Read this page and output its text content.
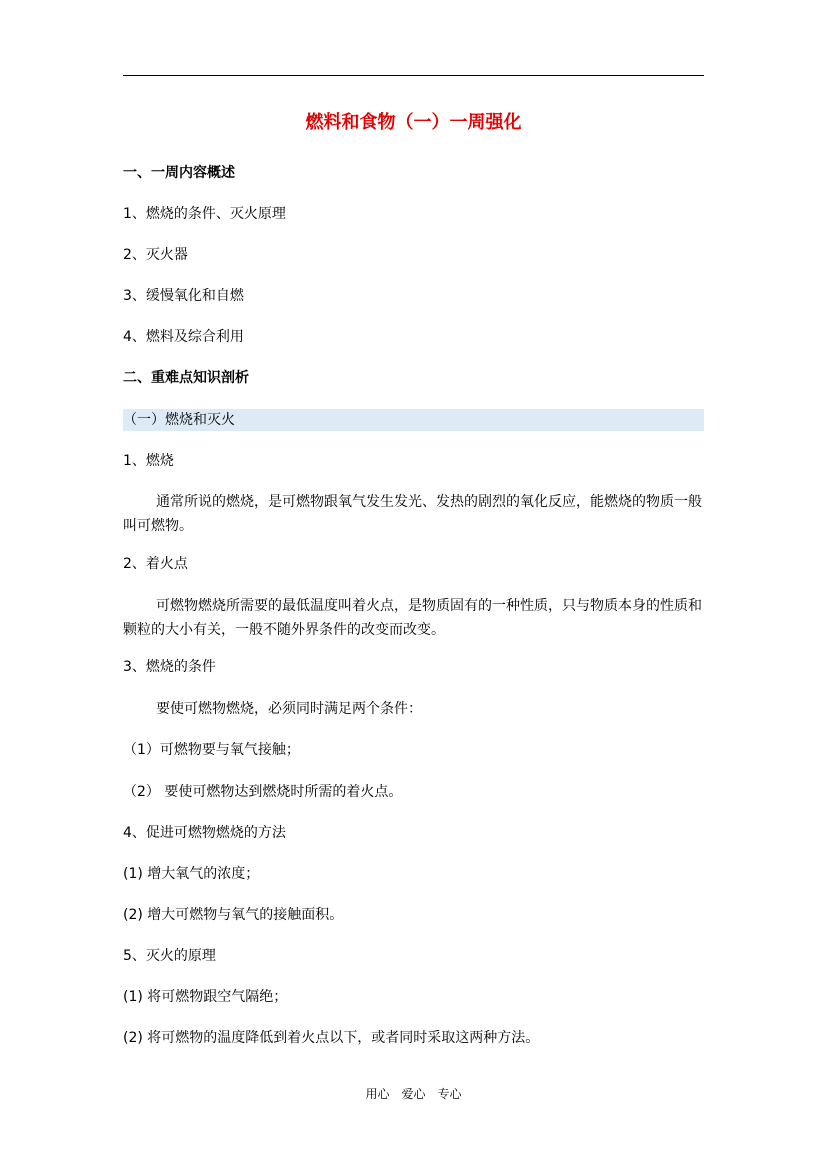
燃料和食物（一）一周强化
一、一周内容概述
1、燃烧的条件、灭火原理
2、灭火器
3、缓慢氧化和自燃
4、燃料及综合利用
二、重难点知识剖析
（一）燃烧和灭火
1、燃烧
通常所说的燃烧，是可燃物跟氧气发生发光、发热的剧烈的氧化反应，能燃烧的物质一般叫可燃物。
2、着火点
可燃物燃烧所需要的最低温度叫着火点，是物质固有的一种性质，只与物质本身的性质和颗粒的大小有关，一般不随外界条件的改变而改变。
3、燃烧的条件
要使可燃物燃烧，必须同时满足两个条件：
（1）可燃物要与氧气接触；
（2） 要使可燃物达到燃烧时所需的着火点。
4、促进可燃物燃烧的方法
(1) 增大氧气的浓度；
(2) 增大可燃物与氧气的接触面积。
5、灭火的原理
(1) 将可燃物跟空气隔绝；
(2) 将可燃物的温度降低到着火点以下，或者同时采取这两种方法。
用心　爱心　专心
